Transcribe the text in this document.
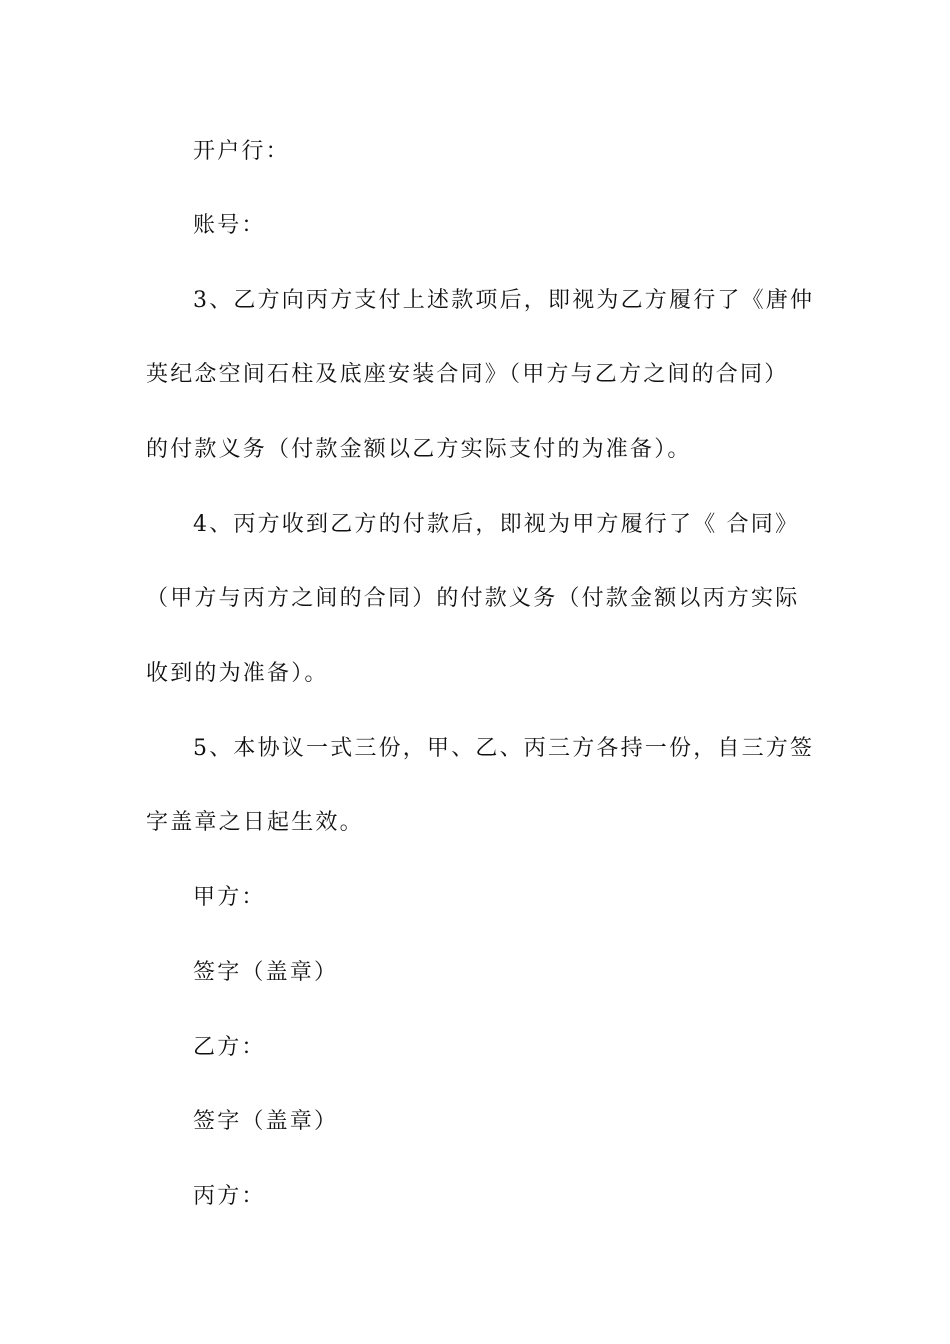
开户行：
账号：
3、乙方向丙方支付上述款项后，即视为乙方履行了《唐仲
英纪念空间石柱及底座安装合同》（甲方与乙方之间的合同）
的付款义务（付款金额以乙方实际支付的为准备）。
4、丙方收到乙方的付款后，即视为甲方履行了《 合同》
（甲方与丙方之间的合同）的付款义务（付款金额以丙方实际
收到的为准备）。
5、本协议一式三份，甲、乙、丙三方各持一份，自三方签
字盖章之日起生效。
甲方：
签字（盖章）
乙方：
签字（盖章）
丙方：
